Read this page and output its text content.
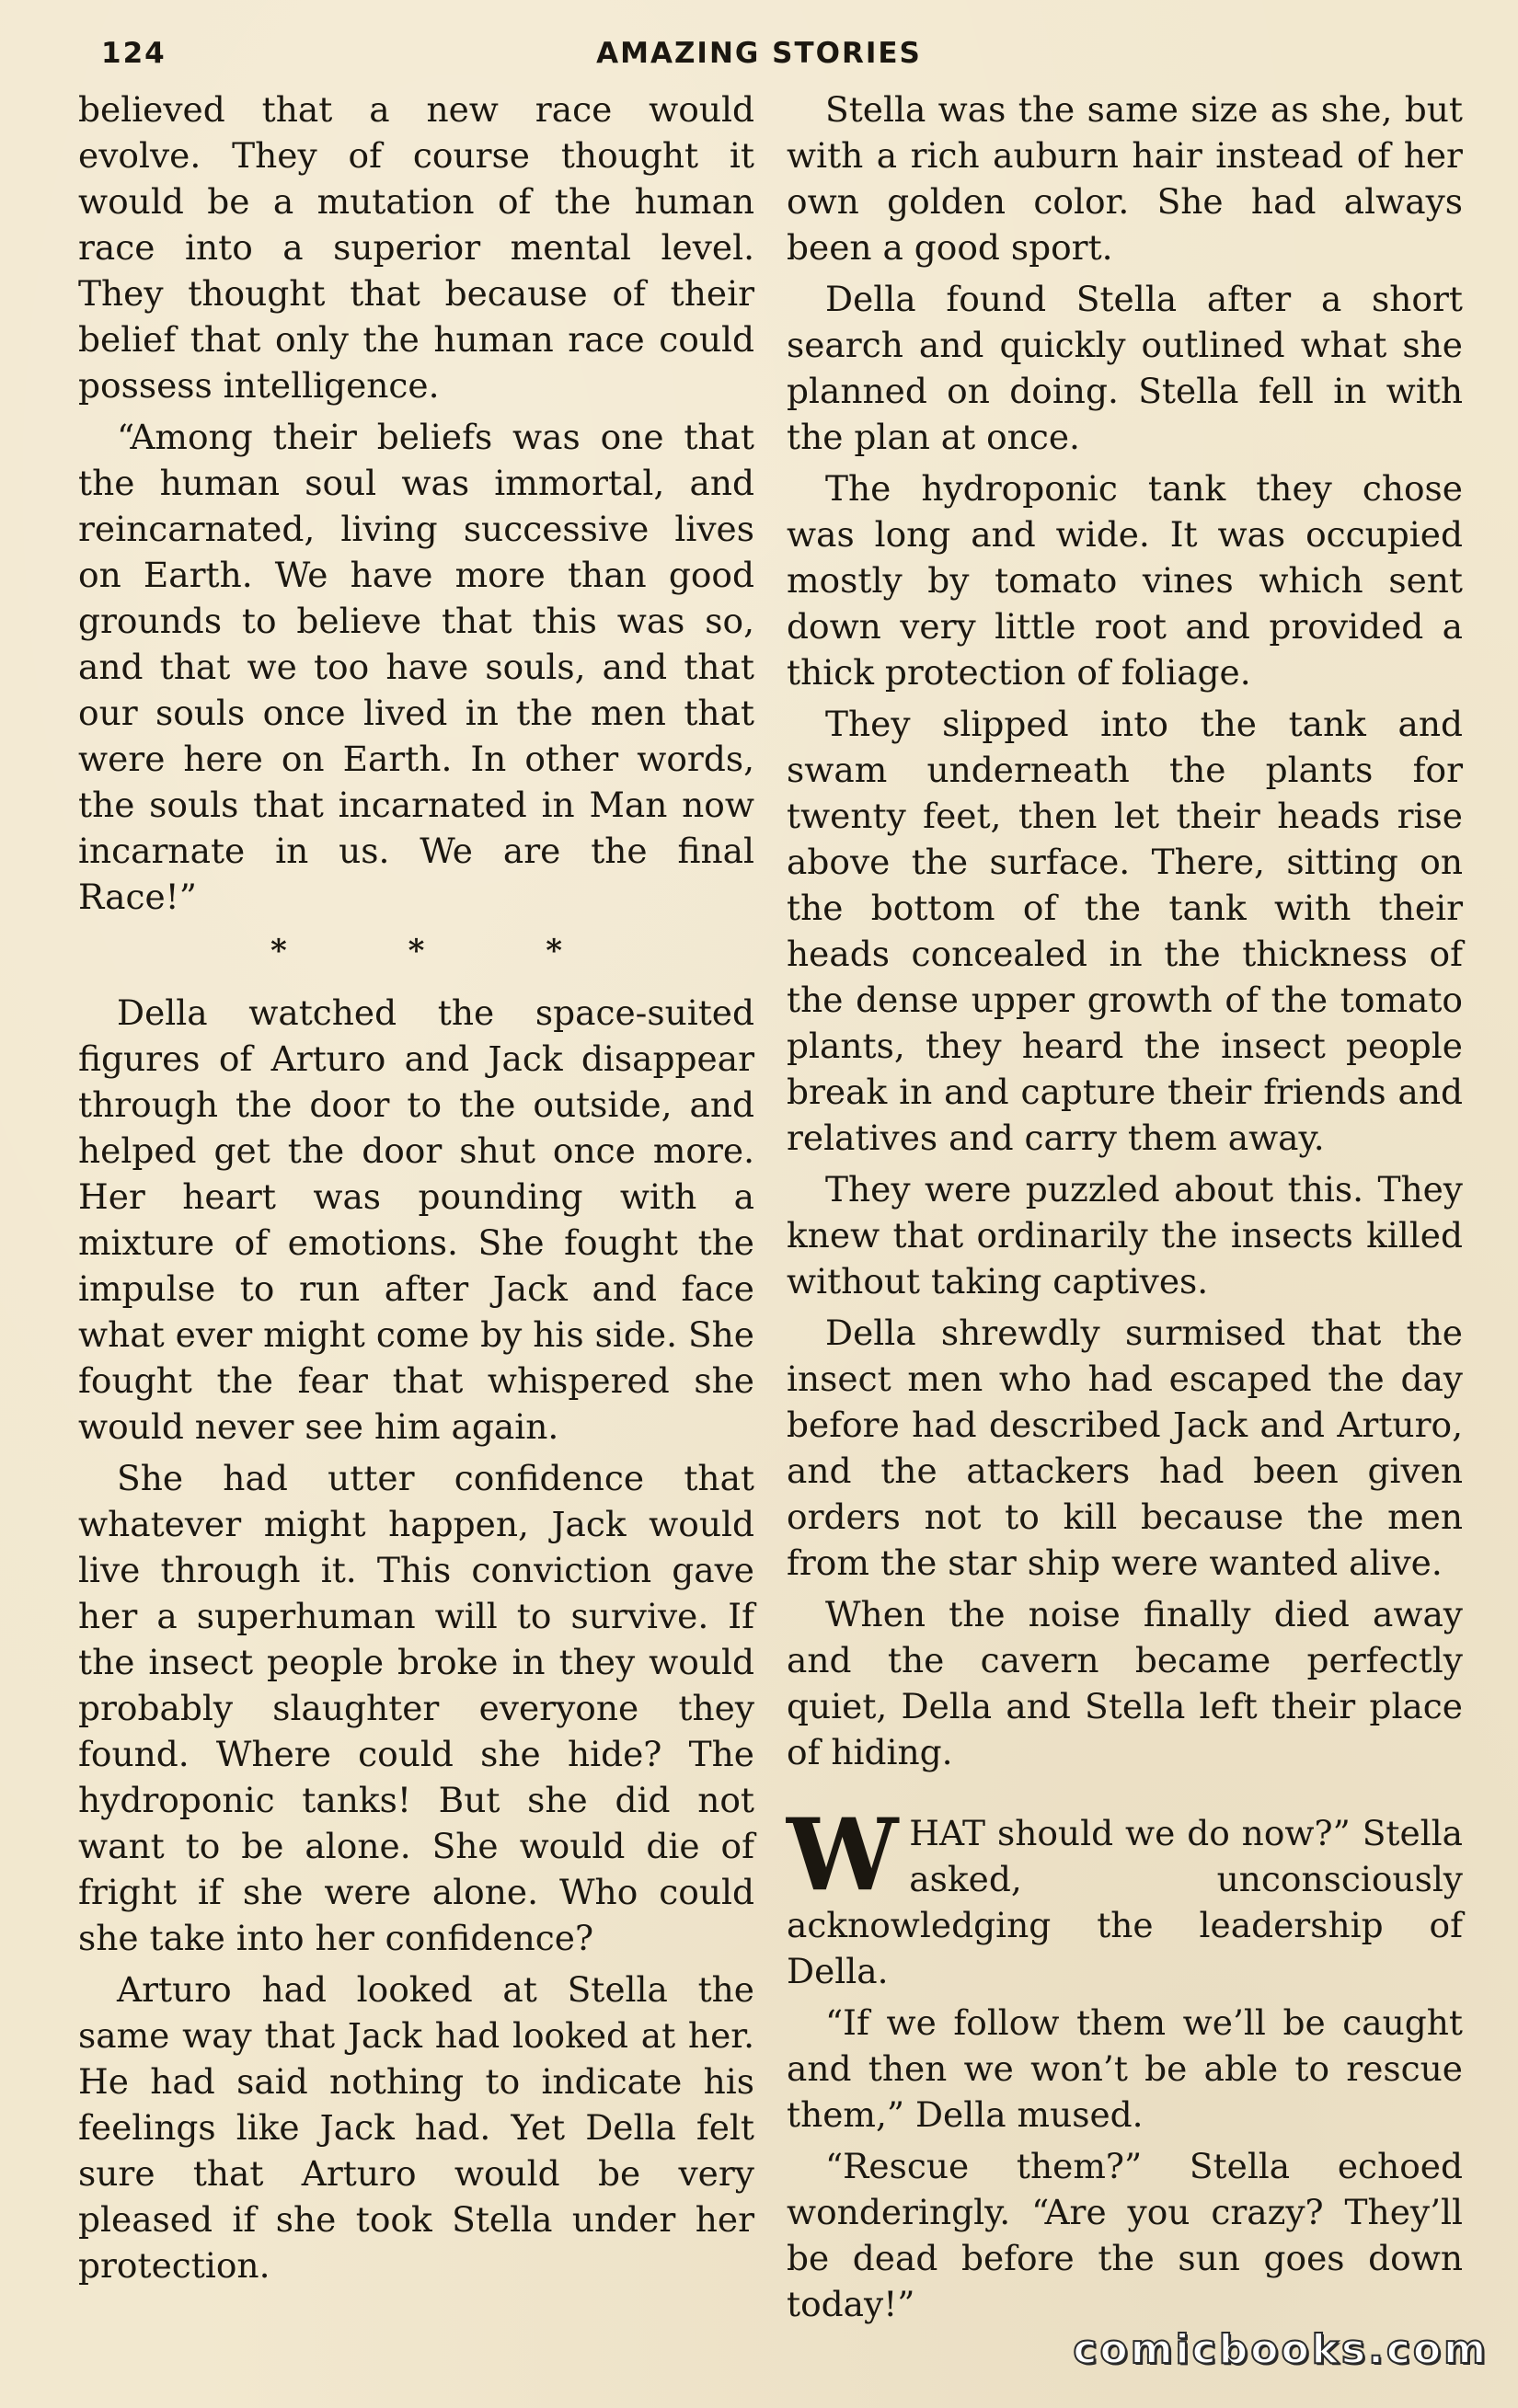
124	AMAZING STORIES

believed that a new race would evolve. They of course thought it would be a mutation of the human race into a superior mental level. They thought that because of their belief that only the human race could possess intelligence.

“Among their beliefs was one that the human soul was immortal, and reincarnated, living successive lives on Earth. We have more than good grounds to believe that this was so, and that we too have souls, and that our souls once lived in the men that were here on Earth. In other words, the souls that incarnated in Man now incarnate in us. We are the final Race!”

* * *

Della watched the space-suited figures of Arturo and Jack disappear through the door to the outside, and helped get the door shut once more. Her heart was pounding with a mixture of emotions. She fought the impulse to run after Jack and face what ever might come by his side. She fought the fear that whispered she would never see him again.

She had utter confidence that whatever might happen, Jack would live through it. This conviction gave her a superhuman will to survive. If the insect people broke in they would probably slaughter everyone they found. Where could she hide? The hydroponic tanks! But she did not want to be alone. She would die of fright if she were alone. Who could she take into her confidence?

Arturo had looked at Stella the same way that Jack had looked at her. He had said nothing to indicate his feelings like Jack had. Yet Della felt sure that Arturo would be very pleased if she took Stella under her protection.

Stella was the same size as she, but with a rich auburn hair instead of her own golden color. She had always been a good sport.

Della found Stella after a short search and quickly outlined what she planned on doing. Stella fell in with the plan at once.

The hydroponic tank they chose was long and wide. It was occupied mostly by tomato vines which sent down very little root and provided a thick protection of foliage.

They slipped into the tank and swam underneath the plants for twenty feet, then let their heads rise above the surface. There, sitting on the bottom of the tank with their heads concealed in the thickness of the dense upper growth of the tomato plants, they heard the insect people break in and capture their friends and relatives and carry them away.

They were puzzled about this. They knew that ordinarily the insects killed without taking captives.

Della shrewdly surmised that the insect men who had escaped the day before had described Jack and Arturo, and the attackers had been given orders not to kill because the men from the star ship were wanted alive.

When the noise finally died away and the cavern became perfectly quiet, Della and Stella left their place of hiding.

WHAT should we do now?” Stella asked, unconsciously acknowledging the leadership of Della.

“If we follow them we’ll be caught and then we won’t be able to rescue them,” Della mused.

“Rescue them?” Stella echoed wonderingly. “Are you crazy? They’ll be dead before the sun goes down today!”

comicbooks.com
